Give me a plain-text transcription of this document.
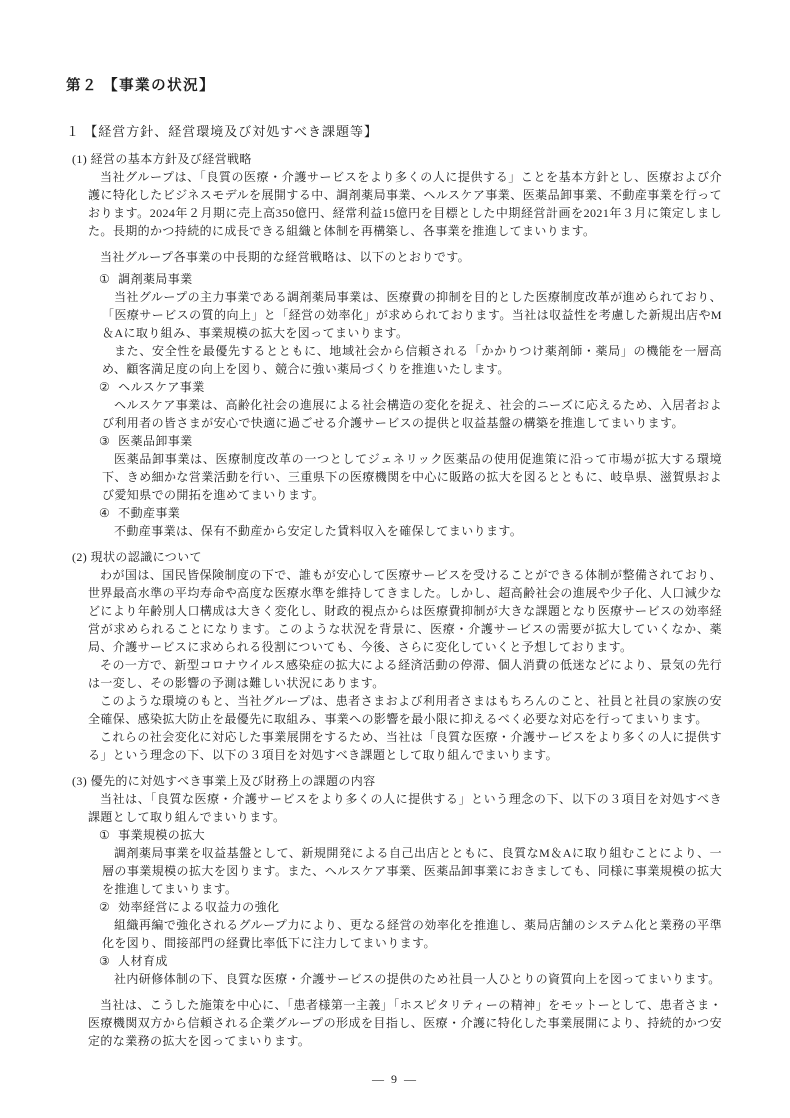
第２ 【事業の状況】
１ 【経営方針、経営環境及び対処すべき課題等】
(1) 経営の基本方針及び経営戦略

当社グループは、「良質の医療・介護サービスをより多くの人に提供する」ことを基本方針とし、医療および介護に特化したビジネスモデルを展開する中、調剤薬局事業、ヘルスケア事業、医薬品卸事業、不動産事業を行っております。2024年２月期に売上高350億円、経常利益15億円を目標とした中期経営計画を2021年３月に策定しました。長期的かつ持続的に成長できる組織と体制を再構築し、各事業を推進してまいります。

当社グループ各事業の中長期的な経営戦略は、以下のとおりです。

① 調剤薬局事業

当社グループの主力事業である調剤薬局事業は、医療費の抑制を目的とした医療制度改革が進められており、「医療サービスの質的向上」と「経営の効率化」が求められております。当社は収益性を考慮した新規出店やM＆Aに取り組み、事業規模の拡大を図ってまいります。

また、安全性を最優先するとともに、地域社会から信頼される「かかりつけ薬剤師・薬局」の機能を一層高め、顧客満足度の向上を図り、競合に強い薬局づくりを推進いたします。

② ヘルスケア事業

ヘルスケア事業は、高齢化社会の進展による社会構造の変化を捉え、社会的ニーズに応えるため、入居者および利用者の皆さまが安心で快適に過ごせる介護サービスの提供と収益基盤の構築を推進してまいります。

③ 医薬品卸事業

医薬品卸事業は、医療制度改革の一つとしてジェネリック医薬品の使用促進策に沿って市場が拡大する環境下、きめ細かな営業活動を行い、三重県下の医療機関を中心に販路の拡大を図るとともに、岐阜県、滋賀県および愛知県での開拓を進めてまいります。

④ 不動産事業

不動産事業は、保有不動産から安定した賃料収入を確保してまいります。

(2) 現状の認識について

わが国は、国民皆保険制度の下で、誰もが安心して医療サービスを受けることができる体制が整備されており、世界最高水準の平均寿命や高度な医療水準を維持してきました。しかし、超高齢社会の進展や少子化、人口減少などにより年齢別人口構成は大きく変化し、財政的視点からは医療費抑制が大きな課題となり医療サービスの効率経営が求められることになります。このような状況を背景に、医療・介護サービスの需要が拡大していくなか、薬局、介護サービスに求められる役割についても、今後、さらに変化していくと予想しております。

その一方で、新型コロナウイルス感染症の拡大による経済活動の停滞、個人消費の低迷などにより、景気の先行は一変し、その影響の予測は難しい状況にあります。

このような環境のもと、当社グループは、患者さまおよび利用者さまはもちろんのこと、社員と社員の家族の安全確保、感染拡大防止を最優先に取組み、事業への影響を最小限に抑えるべく必要な対応を行ってまいります。

これらの社会変化に対応した事業展開をするため、当社は「良質な医療・介護サービスをより多くの人に提供する」という理念の下、以下の３項目を対処すべき課題として取り組んでまいります。

(3) 優先的に対処すべき事業上及び財務上の課題の内容

当社は、「良質な医療・介護サービスをより多くの人に提供する」という理念の下、以下の３項目を対処すべき課題として取り組んでまいります。

① 事業規模の拡大

調剤薬局事業を収益基盤として、新規開発による自己出店とともに、良質なM＆Aに取り組むことにより、一層の事業規模の拡大を図ります。また、ヘルスケア事業、医薬品卸事業におきましても、同様に事業規模の拡大を推進してまいります。

② 効率経営による収益力の強化

組織再編で強化されるグループ力により、更なる経営の効率化を推進し、薬局店舗のシステム化と業務の平準化を図り、間接部門の経費比率低下に注力してまいります。

③ 人材育成

社内研修体制の下、良質な医療・介護サービスの提供のため社員一人ひとりの資質向上を図ってまいります。

当社は、こうした施策を中心に、「患者様第一主義」「ホスピタリティーの精神」をモットーとして、患者さま・医療機関双方から信頼される企業グループの形成を目指し、医療・介護に特化した事業展開により、持続的かつ安定的な業務の拡大を図ってまいります。

― 9 ―
